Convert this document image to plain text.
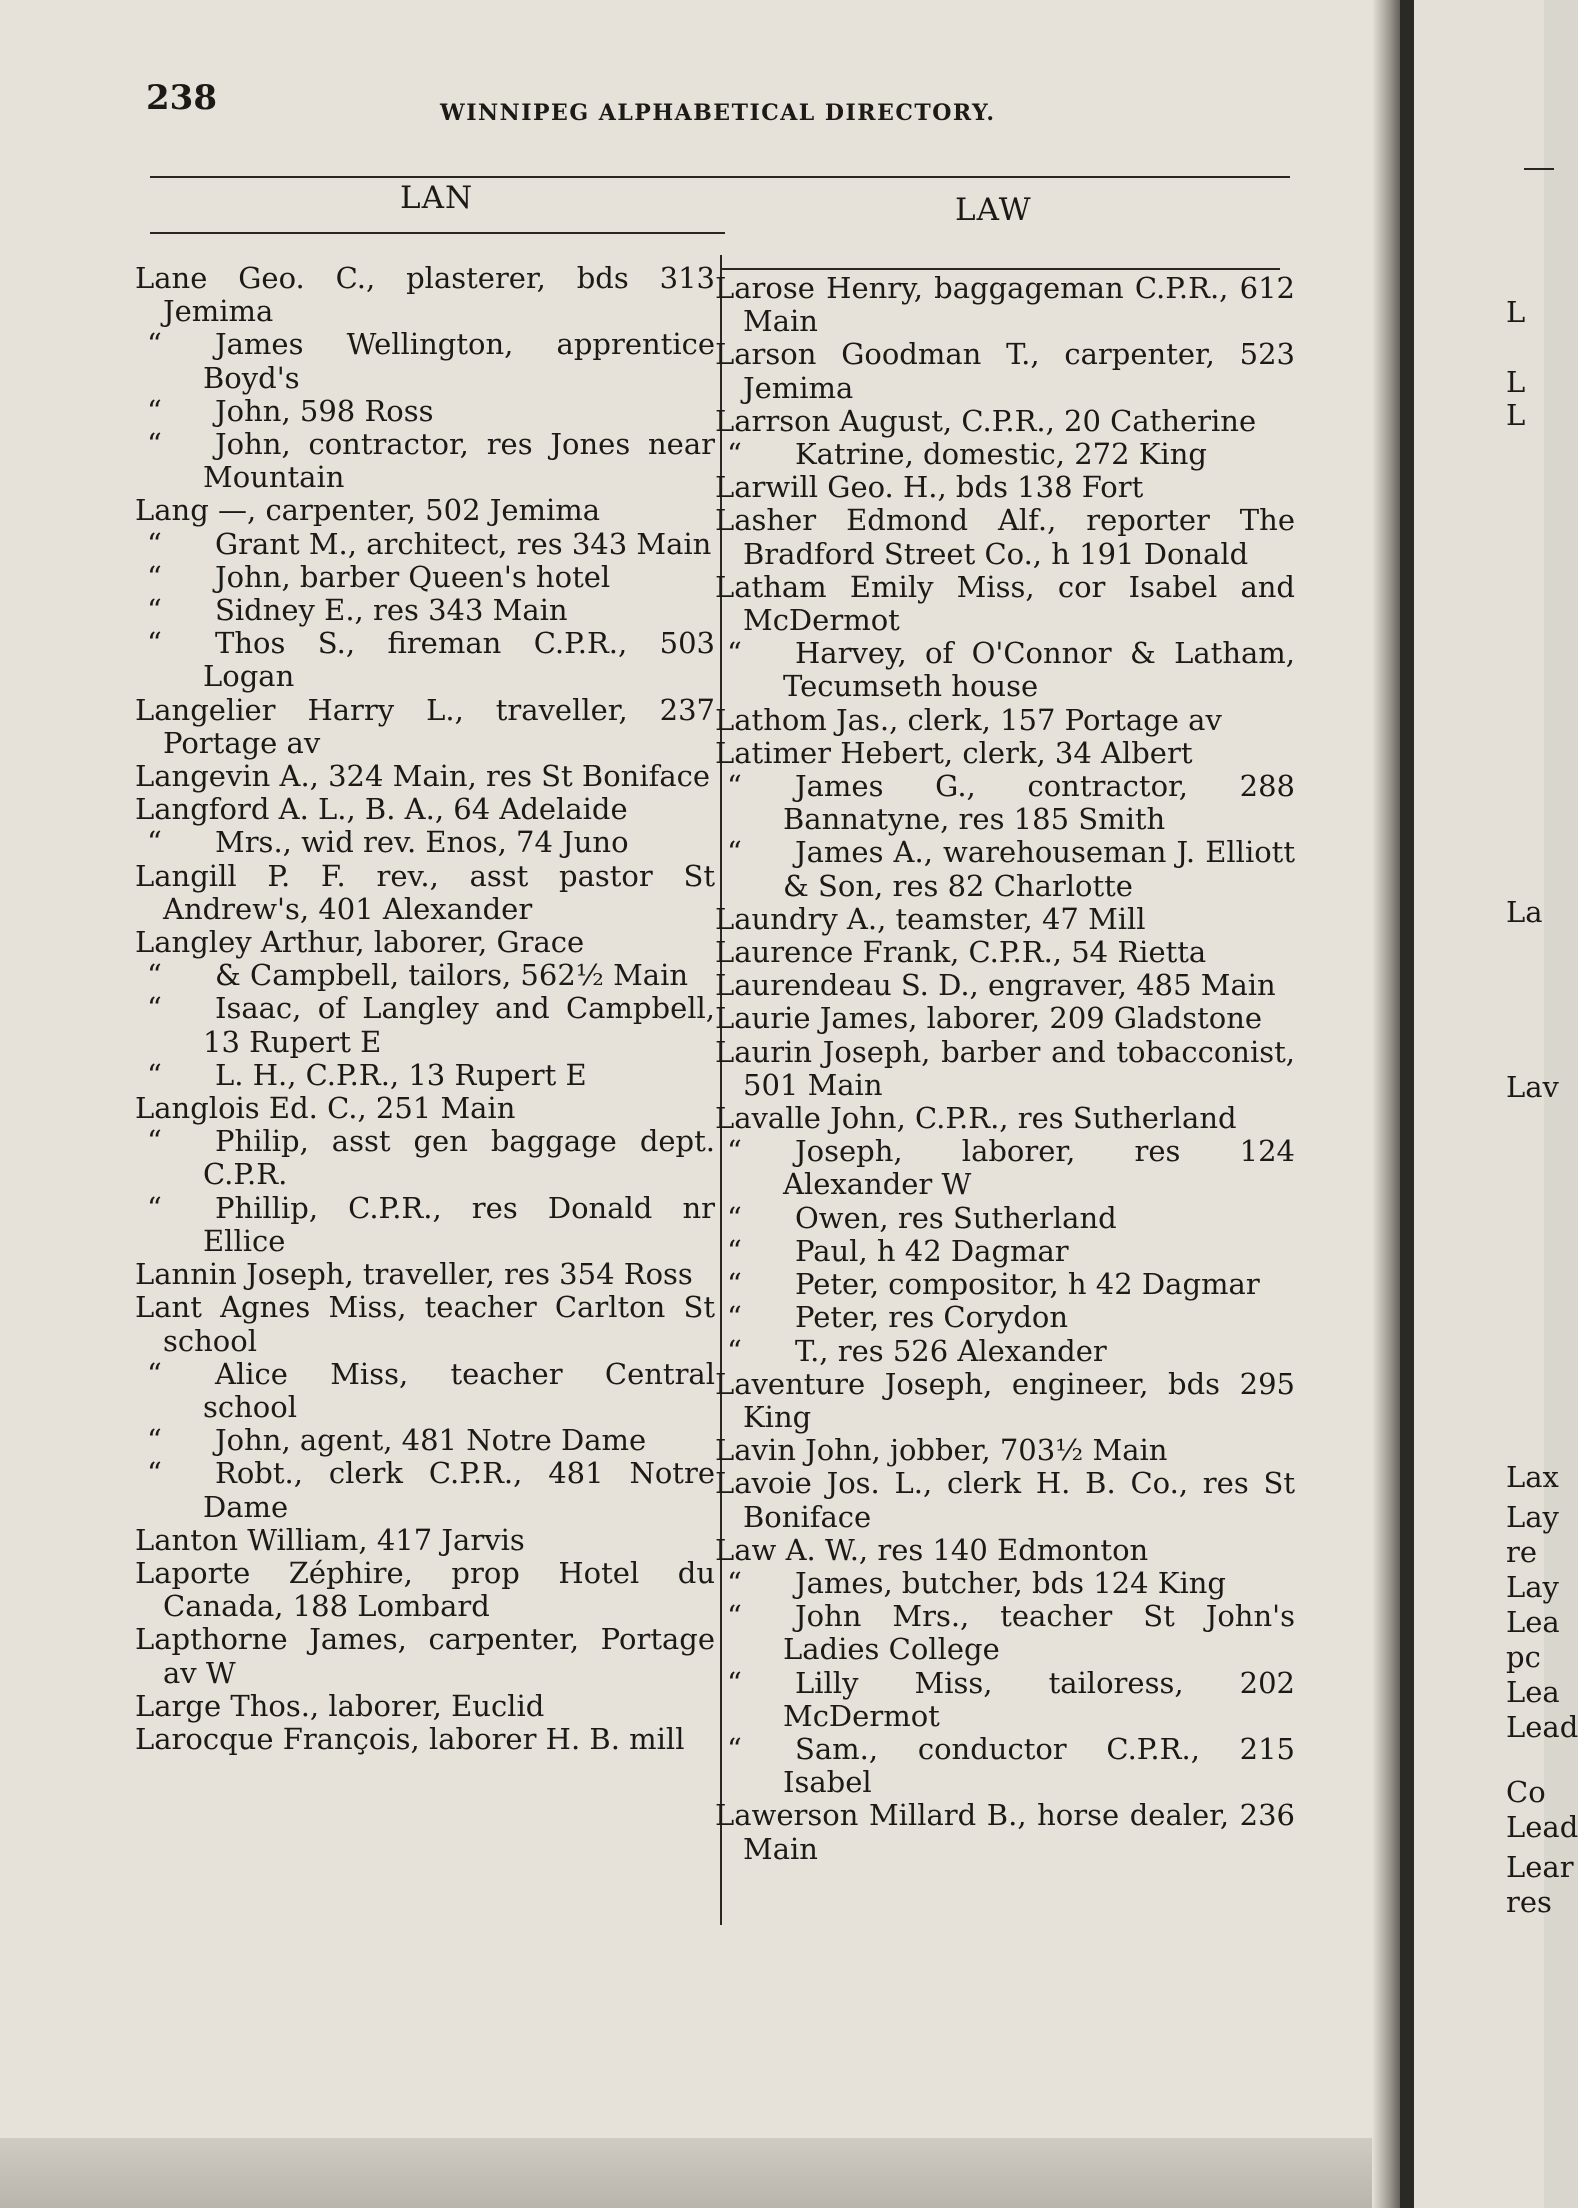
238	WINNIPEG ALPHABETICAL DIRECTORY.
LAN	LAW
Lane Geo. C., plasterer, bds 313 Jemima
“ James Wellington, apprentice Boyd's
“ John, 598 Ross
“ John, contractor, res Jones near Mountain
Lang —, carpenter, 502 Jemima
“ Grant M., architect, res 343 Main
“ John, barber Queen's hotel
“ Sidney E., res 343 Main
“ Thos S., fireman C.P.R., 503 Logan
Langelier Harry L., traveller, 237 Portage av
Langevin A., 324 Main, res St Boniface
Langford A. L., B. A., 64 Adelaide
“ Mrs., wid rev. Enos, 74 Juno
Langill P. F. rev., asst pastor St Andrew's, 401 Alexander
Langley Arthur, laborer, Grace
“ & Campbell, tailors, 562½ Main
“ Isaac, of Langley and Campbell, 13 Rupert E
“ L. H., C.P.R., 13 Rupert E
Langlois Ed. C., 251 Main
“ Philip, asst gen baggage dept. C.P.R.
“ Phillip, C.P.R., res Donald nr Ellice
Lannin Joseph, traveller, res 354 Ross
Lant Agnes Miss, teacher Carlton St school
“ Alice Miss, teacher Central school
“ John, agent, 481 Notre Dame
“ Robt., clerk C.P.R., 481 Notre Dame
Lanton William, 417 Jarvis
Laporte Zéphire, prop Hotel du Canada, 188 Lombard
Lapthorne James, carpenter, Portage av W
Large Thos., laborer, Euclid
Larocque François, laborer H. B. mill
Larose Henry, baggageman C.P.R., 612 Main
Larson Goodman T., carpenter, 523 Jemima
Larrson August, C.P.R., 20 Catherine
“ Katrine, domestic, 272 King
Larwill Geo. H., bds 138 Fort
Lasher Edmond Alf., reporter The Bradford Street Co., h 191 Donald
Latham Emily Miss, cor Isabel and McDermot
“ Harvey, of O'Connor & Latham, Tecumseth house
Lathom Jas., clerk, 157 Portage av
Latimer Hebert, clerk, 34 Albert
“ James G., contractor, 288 Bannatyne, res 185 Smith
“ James A., warehouseman J. Elliott & Son, res 82 Charlotte
Laundry A., teamster, 47 Mill
Laurence Frank, C.P.R., 54 Rietta
Laurendeau S. D., engraver, 485 Main
Laurie James, laborer, 209 Gladstone
Laurin Joseph, barber and tobacconist, 501 Main
Lavalle John, C.P.R., res Sutherland
“ Joseph, laborer, res 124 Alexander W
“ Owen, res Sutherland
“ Paul, h 42 Dagmar
“ Peter, compositor, h 42 Dagmar
“ Peter, res Corydon
“ T., res 526 Alexander
Laventure Joseph, engineer, bds 295 King
Lavin John, jobber, 703½ Main
Lavoie Jos. L., clerk H. B. Co., res St Boniface
Law A. W., res 140 Edmonton
“ James, butcher, bds 124 King
“ John Mrs., teacher St John's Ladies College
“ Lilly Miss, tailoress, 202 McDermot
“ Sam., conductor C.P.R., 215 Isabel
Lawerson Millard B., horse dealer, 236 Main
L
L
L
La
Lav
Lax
Lay
re
Lay
Lea
pc
Lea
Lead
Co
Lead
Lear
res
